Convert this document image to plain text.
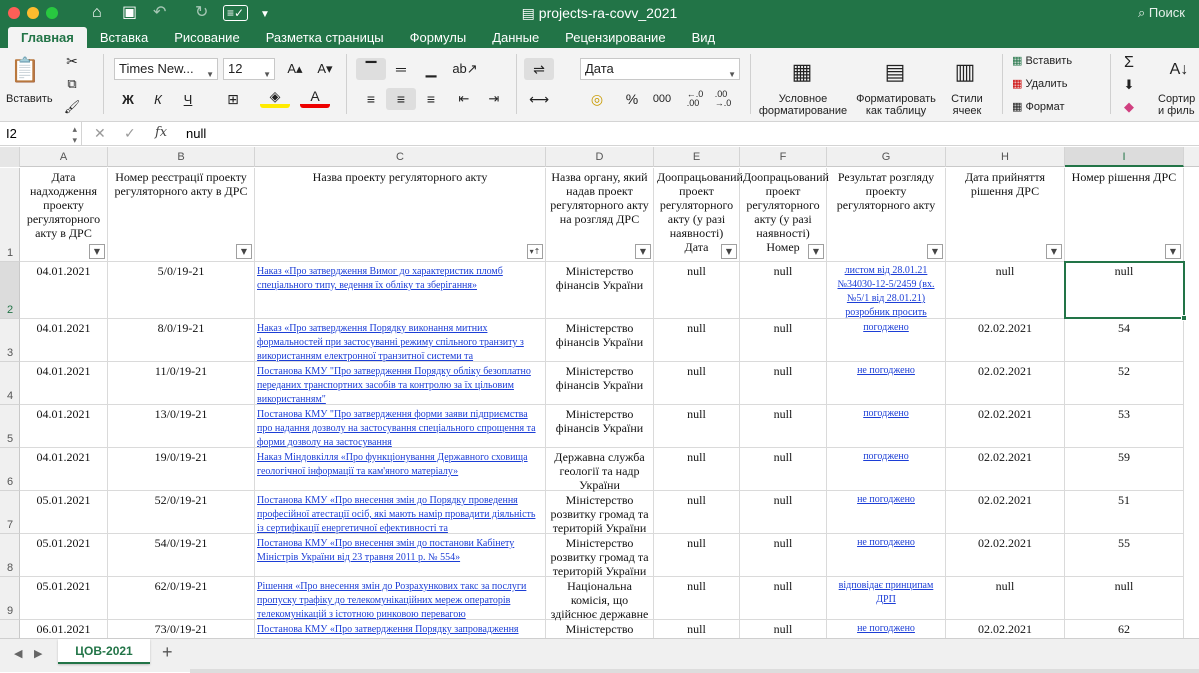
⌂ ▣ ↶ ↻	≡✓	▼	▤ projects-ra-covv_2021	⌕ Поиск
Главная	Вставка	Рисование	Разметка страницы	Формулы	Данные	Рецензирование	Вид
📋
Вставить
✂
⧉
🖌
Times New... ▼	12	▼	A▴	A▾
Ж	К	Ч	⊞	◈	A
▔	═	▁	ab↗
≡	≡	≡	⇤	⇥
⇌
⟷
Дата	▼
◎	%	000	←.0
.00
.00
→.0
▦
Условное
форматирование
▤
Форматировать
как таблицу
▥
Стили
ячеек
▦ Вставить
▦ Удалить
▦ Формат
Σ
⬇
◆
A↓
Сортир
и филь
I2	▴
▾ ✕ ✓ fx null
A	B	C	D	E	F	G	H	I
1
Дата надходження проекту регуляторного акту в ДРС
▼
Номер реєстрації проекту регуляторного акту в ДРС
▼
Назва проекту регуляторного акту
▾↑
Назва органу, який надав проект регуляторного акту на розгляд ДРС
▼
Доопрацьований проект регуляторного акту (у разі наявності) Дата	▼
Доопрацьований проект регуляторного акту (у разі наявності) Номер	▼
Результат розгляду проекту регуляторного акту
▼
Дата прийняття рішення ДРС
▼
Номер рішення ДРС
▼
2
04.01.2021	5/0/19-21	Наказ «Про затвердження Вимог до характеристик пломб спеціального типу, ведення їх обліку та зберігання»
Міністерство фінансів України
null	null	листом від 28.01.21 №34030-12-5/2459 (вх.№5/1 від 28.01.21) розробник просить
null	null
3
04.01.2021	8/0/19-21	Наказ «Про затвердження Порядку виконання митних формальностей при застосуванні режиму спільного транзиту з використанням електронної транзитної системи та
Міністерство фінансів України
null	null	погоджено	02.02.2021	54
4
04.01.2021	11/0/19-21	Постанова КМУ "Про затвердження Порядку обліку безоплатно переданих транспортних засобів та контролю за їх цільовим використанням"
Міністерство фінансів України
null	null	не погоджено	02.02.2021	52
5
04.01.2021	13/0/19-21	Постанова КМУ "Про затвердження форми заяви підприємства про надання дозволу на застосування спеціального спрощення та форми дозволу на застосування
Міністерство фінансів України
null	null	погоджено	02.02.2021	53
6
04.01.2021	19/0/19-21	Наказ Міндовкілля «Про функціонування Державного сховища геологічної інформації та кам'яного матеріалу»
Державна служба геології та надр України
null	null	погоджено	02.02.2021	59
7
05.01.2021	52/0/19-21	Постанова КМУ «Про внесення змін до Порядку проведення професійної атестації осіб, які мають намір провадити діяльність із сертифікації енергетичної ефективності та
Міністерство розвитку громад та територій України
null	null	не погоджено	02.02.2021	51
8
05.01.2021	54/0/19-21	Постанова КМУ «Про внесення змін до постанови Кабінету Міністрів України від 23 травня 2011 р. № 554»
Міністерство розвитку громад та територій України
null	null	не погоджено	02.02.2021	55
9
05.01.2021	62/0/19-21	Рішення «Про внесення змін до Розрахункових такс за послуги пропуску трафіку до телекомунікаційних мереж операторів телекомунікацій з істотною ринковою перевагою
Національна комісія, що здійснює державне
null	null	відповідає принципам ДРП
null	null
06.01.2021	73/0/19-21	Постанова КМУ «Про затвердження Порядку запровадження	Міністерство	null	null	не погоджено	02.02.2021	62
◀ ▶	ЦОВ-2021	+
